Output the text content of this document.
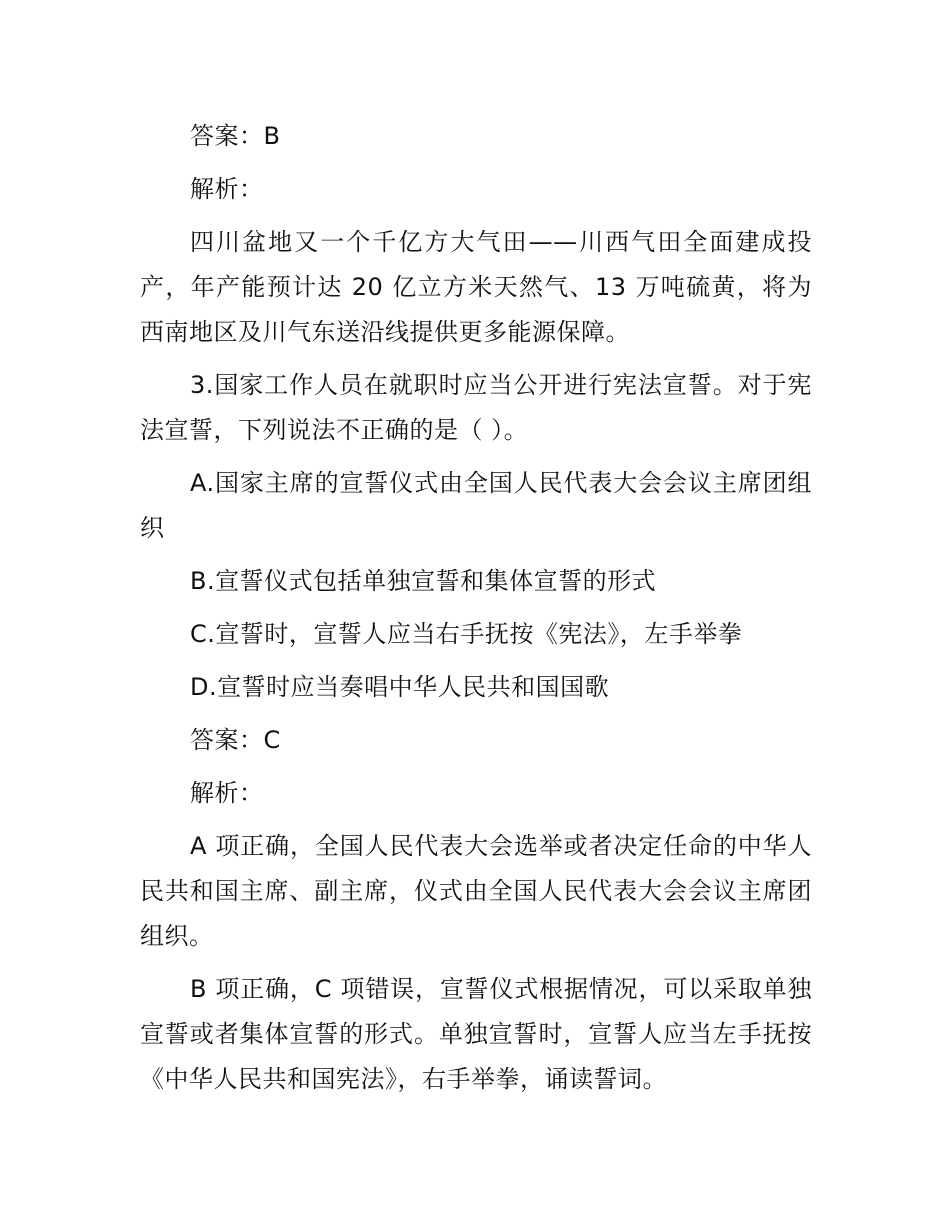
答案：B

解析：

四川盆地又一个千亿方大气田——川西气田全面建成投产，年产能预计达 20 亿立方米天然气、13 万吨硫黄，将为西南地区及川气东送沿线提供更多能源保障。

3.国家工作人员在就职时应当公开进行宪法宣誓。对于宪法宣誓，下列说法不正确的是（ ）。

A.国家主席的宣誓仪式由全国人民代表大会会议主席团组织

B.宣誓仪式包括单独宣誓和集体宣誓的形式

C.宣誓时，宣誓人应当右手抚按《宪法》，左手举拳

D.宣誓时应当奏唱中华人民共和国国歌

答案：C

解析：

A 项正确，全国人民代表大会选举或者决定任命的中华人民共和国主席、副主席，仪式由全国人民代表大会会议主席团组织。

B 项正确，C 项错误，宣誓仪式根据情况，可以采取单独宣誓或者集体宣誓的形式。单独宣誓时，宣誓人应当左手抚按《中华人民共和国宪法》，右手举拳，诵读誓词。
